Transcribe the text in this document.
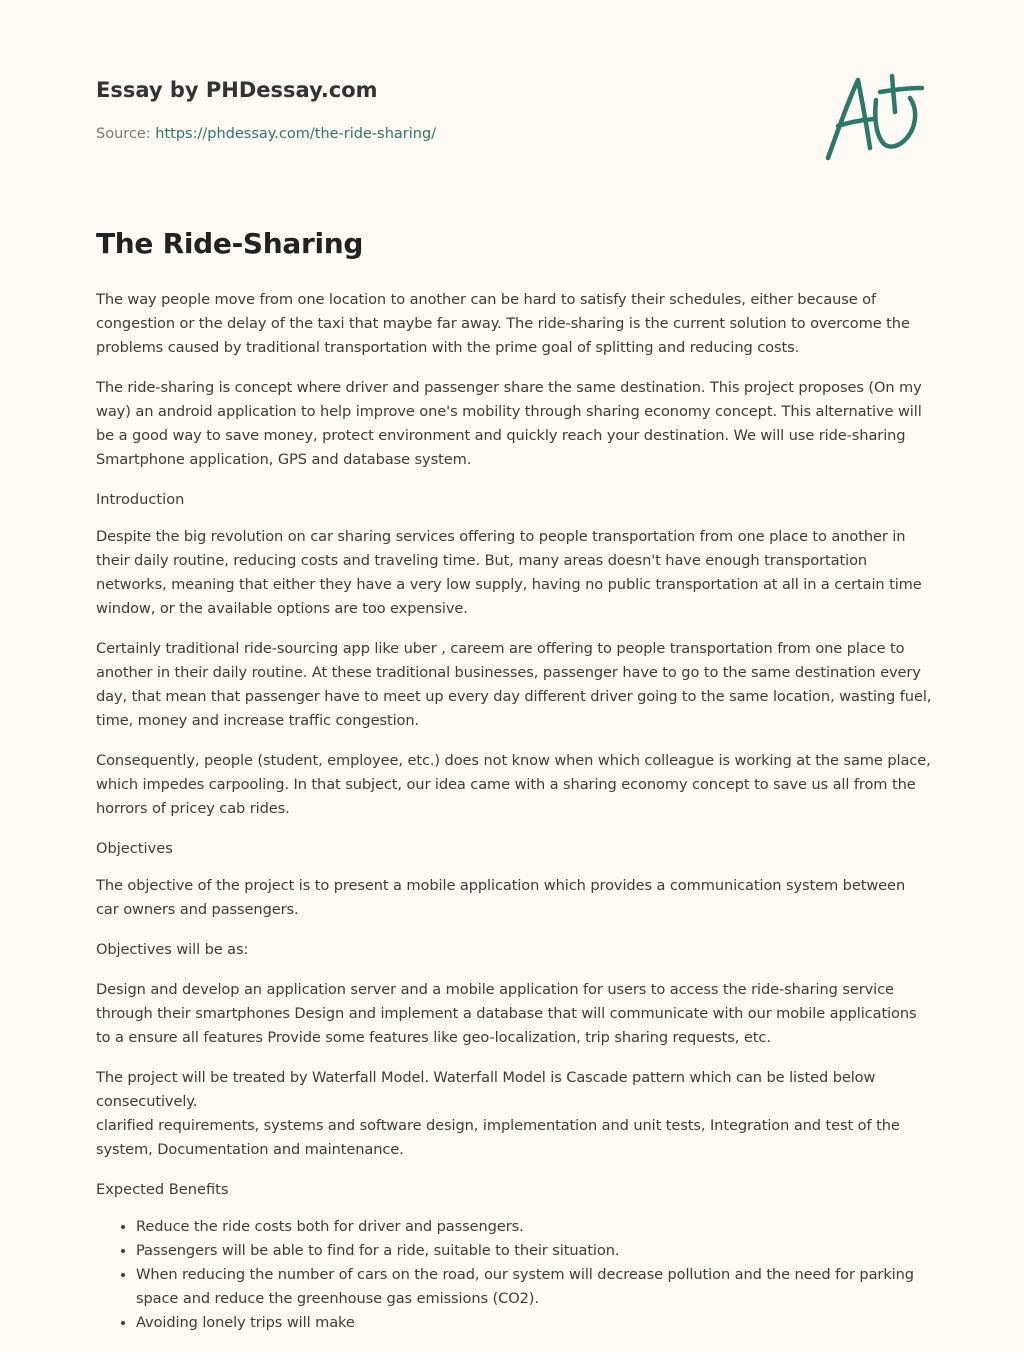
Essay by PHDessay.com
Source: https://phdessay.com/the-ride-sharing/
The Ride-Sharing

The way people move from one location to another can be hard to satisfy their schedules, either because of congestion or the delay of the taxi that maybe far away. The ride-sharing is the current solution to overcome the problems caused by traditional transportation with the prime goal of splitting and reducing costs.

The ride-sharing is concept where driver and passenger share the same destination. This project proposes (On my way) an android application to help improve one's mobility through sharing economy concept. This alternative will be a good way to save money, protect environment and quickly reach your destination. We will use ride-sharing Smartphone application, GPS and database system.

Introduction

Despite the big revolution on car sharing services offering to people transportation from one place to another in their daily routine, reducing costs and traveling time. But, many areas doesn't have enough transportation networks, meaning that either they have a very low supply, having no public transportation at all in a certain time window, or the available options are too expensive.

Certainly traditional ride-sourcing app like uber , careem are offering to people transportation from one place to another in their daily routine. At these traditional businesses, passenger have to go to the same destination every day, that mean that passenger have to meet up every day different driver going to the same location, wasting fuel, time, money and increase traffic congestion.

Consequently, people (student, employee, etc.) does not know when which colleague is working at the same place, which impedes carpooling. In that subject, our idea came with a sharing economy concept to save us all from the horrors of pricey cab rides.

Objectives

The objective of the project is to present a mobile application which provides a communication system between car owners and passengers.

Objectives will be as:

Design and develop an application server and a mobile application for users to access the ride-sharing service through their smartphones Design and implement a database that will communicate with our mobile applications to a ensure all features Provide some features like geo-localization, trip sharing requests, etc.

The project will be treated by Waterfall Model. Waterfall Model is Cascade pattern which can be listed below consecutively.
clarified requirements, systems and software design, implementation and unit tests, Integration and test of the system, Documentation and maintenance.

Expected Benefits

• Reduce the ride costs both for driver and passengers.
• Passengers will be able to find for a ride, suitable to their situation.
• When reducing the number of cars on the road, our system will decrease pollution and the need for parking space and reduce the greenhouse gas emissions (CO2).
• Avoiding lonely trips will make
